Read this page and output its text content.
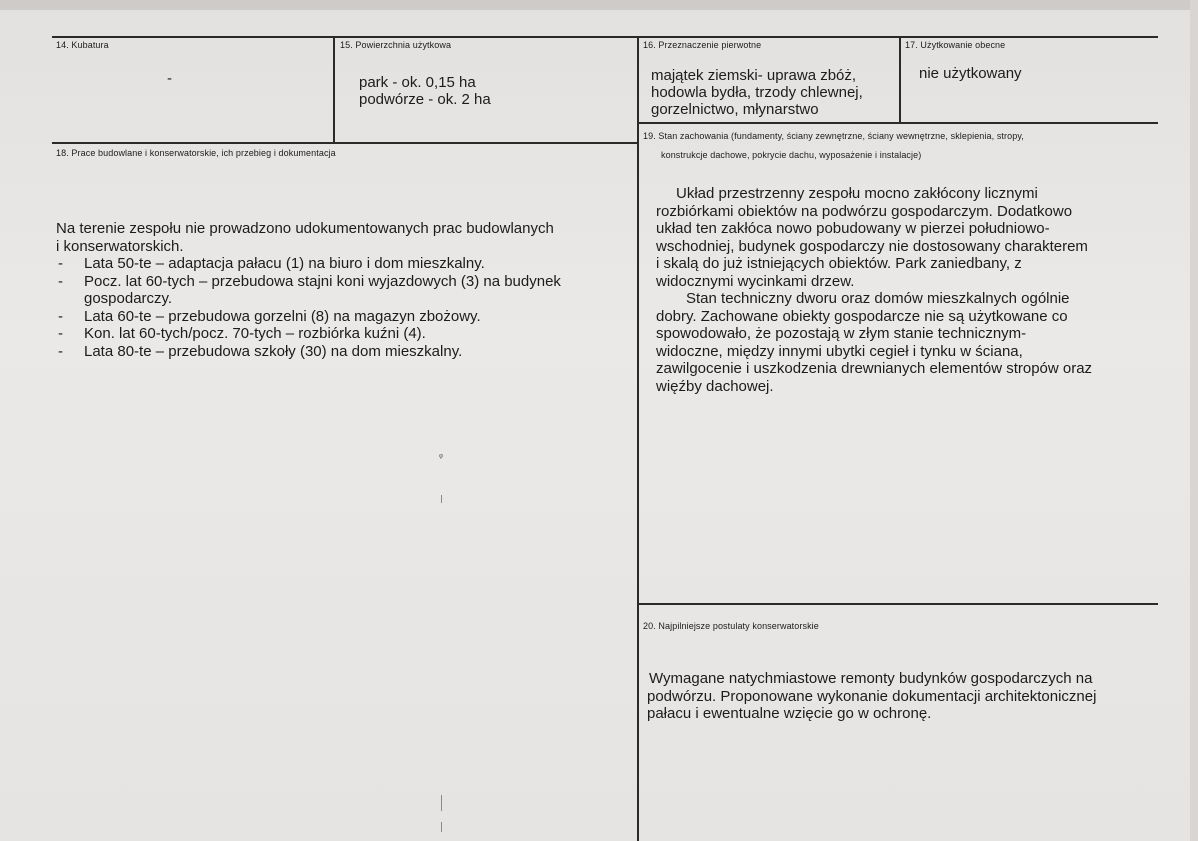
14. Kubatura
-
15. Powierzchnia użytkowa
park - ok. 0,15 ha
podwórze - ok. 2 ha
16. Przeznaczenie pierwotne
majątek ziemski- uprawa zbóż,
hodowla bydła, trzody chlewnej,
gorzelnictwo, młynarstwo
17. Użytkowanie obecne
nie użytkowany
19. Stan zachowania (fundamenty, ściany zewnętrzne, ściany wewnętrzne, sklepienia, stropy,
konstrukcje dachowe, pokrycie dachu, wyposażenie i instalacje)
18. Prace budowlane i konserwatorskie, ich przebieg i dokumentacja
Na terenie zespołu nie prowadzono udokumentowanych prac budowlanych
i konserwatorskich.
-	Lata 50-te – adaptacja pałacu (1) na biuro i dom mieszkalny.
-	Pocz. lat 60-tych – przebudowa stajni koni wyjazdowych (3) na budynek
gospodarczy.
-	Lata 60-te – przebudowa gorzelni (8) na magazyn zbożowy.
-	Kon. lat 60-tych/pocz. 70-tych – rozbiórka kuźni (4).
-	Lata 80-te – przebudowa szkoły (30) na dom mieszkalny.
Układ przestrzenny zespołu mocno zakłócony licznymi
rozbiórkami obiektów na podwórzu gospodarczym. Dodatkowo
układ ten zakłóca nowo pobudowany w pierzei południowo-
wschodniej, budynek gospodarczy nie dostosowany charakterem
i skalą do już istniejących obiektów. Park zaniedbany, z
widocznymi wycinkami drzew.
Stan techniczny dworu oraz domów mieszkalnych ogólnie
dobry. Zachowane obiekty gospodarcze nie są użytkowane co
spowodowało, że pozostają w złym stanie technicznym-
widoczne, między innymi ubytki cegieł i tynku w ściana,
zawilgocenie i uszkodzenia drewnianych elementów stropów oraz
więźby dachowej.
20. Najpilniejsze postulaty konserwatorskie
Wymagane natychmiastowe remonty budynków gospodarczych na
podwórzu. Proponowane wykonanie dokumentacji architektonicznej
pałacu i ewentualne wzięcie go w ochronę.
ᵩ
